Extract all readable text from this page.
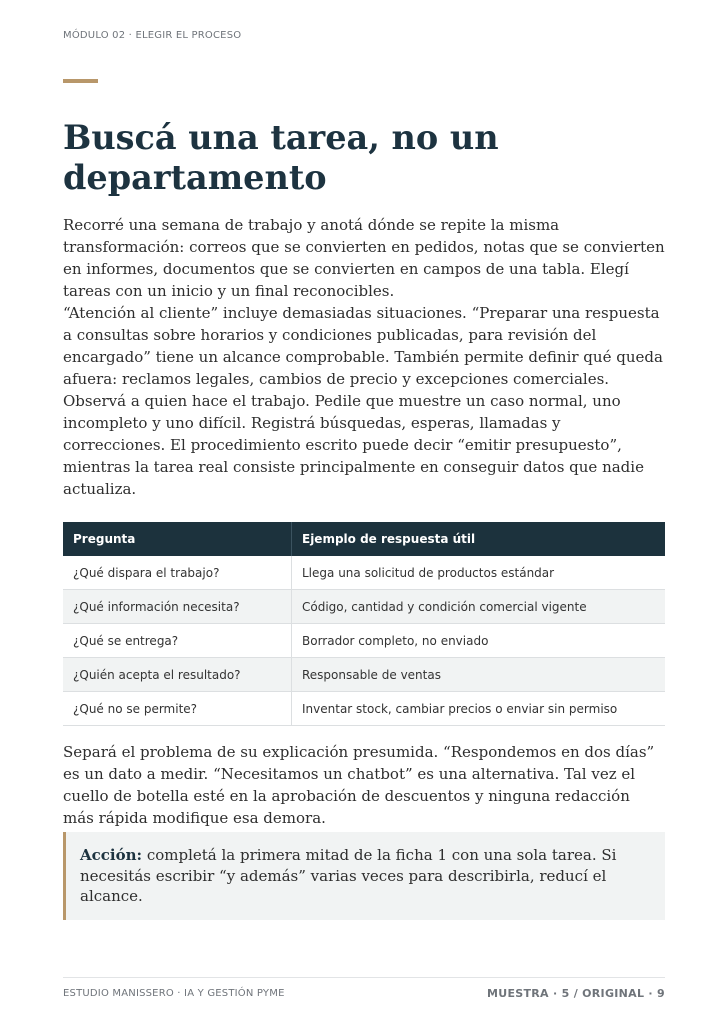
MÓDULO 02 · ELEGIR EL PROCESO
Buscá una tarea, no un departamento

Recorré una semana de trabajo y anotá dónde se repite la misma transformación: correos que se convierten en pedidos, notas que se convierten en informes, documentos que se convierten en campos de una tabla. Elegí tareas con un inicio y un final reconocibles.

“Atención al cliente” incluye demasiadas situaciones. “Preparar una respuesta a consultas sobre horarios y condiciones publicadas, para revisión del encargado” tiene un alcance comprobable. También permite definir qué queda afuera: reclamos legales, cambios de precio y excepciones comerciales.

Observá a quien hace el trabajo. Pedile que muestre un caso normal, uno incompleto y uno difícil. Registrá búsquedas, esperas, llamadas y correcciones. El procedimiento escrito puede decir “emitir presupuesto”, mientras la tarea real consiste principalmente en conseguir datos que nadie actualiza.

Pregunta	Ejemplo de respuesta útil
¿Qué dispara el trabajo?	Llega una solicitud de productos estándar
¿Qué información necesita?	Código, cantidad y condición comercial vigente
¿Qué se entrega?	Borrador completo, no enviado
¿Quién acepta el resultado?	Responsable de ventas
¿Qué no se permite?	Inventar stock, cambiar precios o enviar sin permiso

Separá el problema de su explicación presumida. “Respondemos en dos días” es un dato a medir. “Necesitamos un chatbot” es una alternativa. Tal vez el cuello de botella esté en la aprobación de descuentos y ninguna redacción más rápida modifique esa demora.

Acción: completá la primera mitad de la ficha 1 con una sola tarea. Si necesitás escribir “y además” varias veces para describirla, reducí el alcance.
ESTUDIO MANISSERO · IA Y GESTIÓN PYME	MUESTRA · 5 / ORIGINAL · 9
